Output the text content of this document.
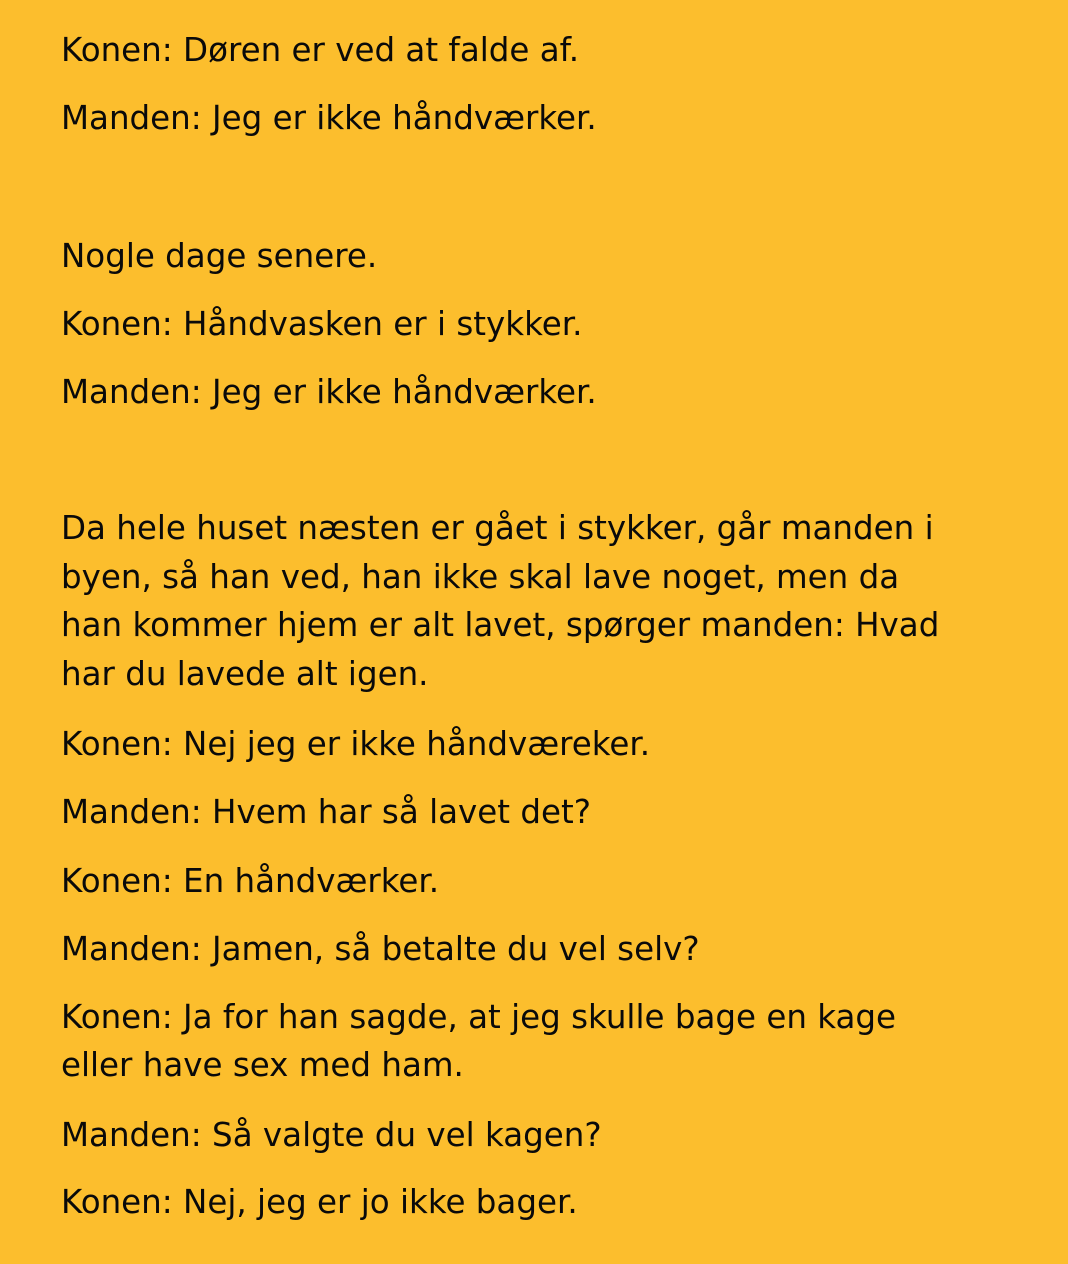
Konen: Døren er ved at falde af.

Manden: Jeg er ikke håndværker.

Nogle dage senere.

Konen: Håndvasken er i stykker.

Manden: Jeg er ikke håndværker.

Da hele huset næsten er gået i stykker, går manden i

byen, så han ved, han ikke skal lave noget, men da

han kommer hjem er alt lavet, spørger manden: Hvad

har du lavede alt igen.

Konen: Nej jeg er ikke håndværeker.

Manden: Hvem har så lavet det?

Konen: En håndværker.

Manden: Jamen, så betalte du vel selv?

Konen: Ja for han sagde, at jeg skulle bage en kage

eller have sex med ham.

Manden: Så valgte du vel kagen?

Konen: Nej, jeg er jo ikke bager.
